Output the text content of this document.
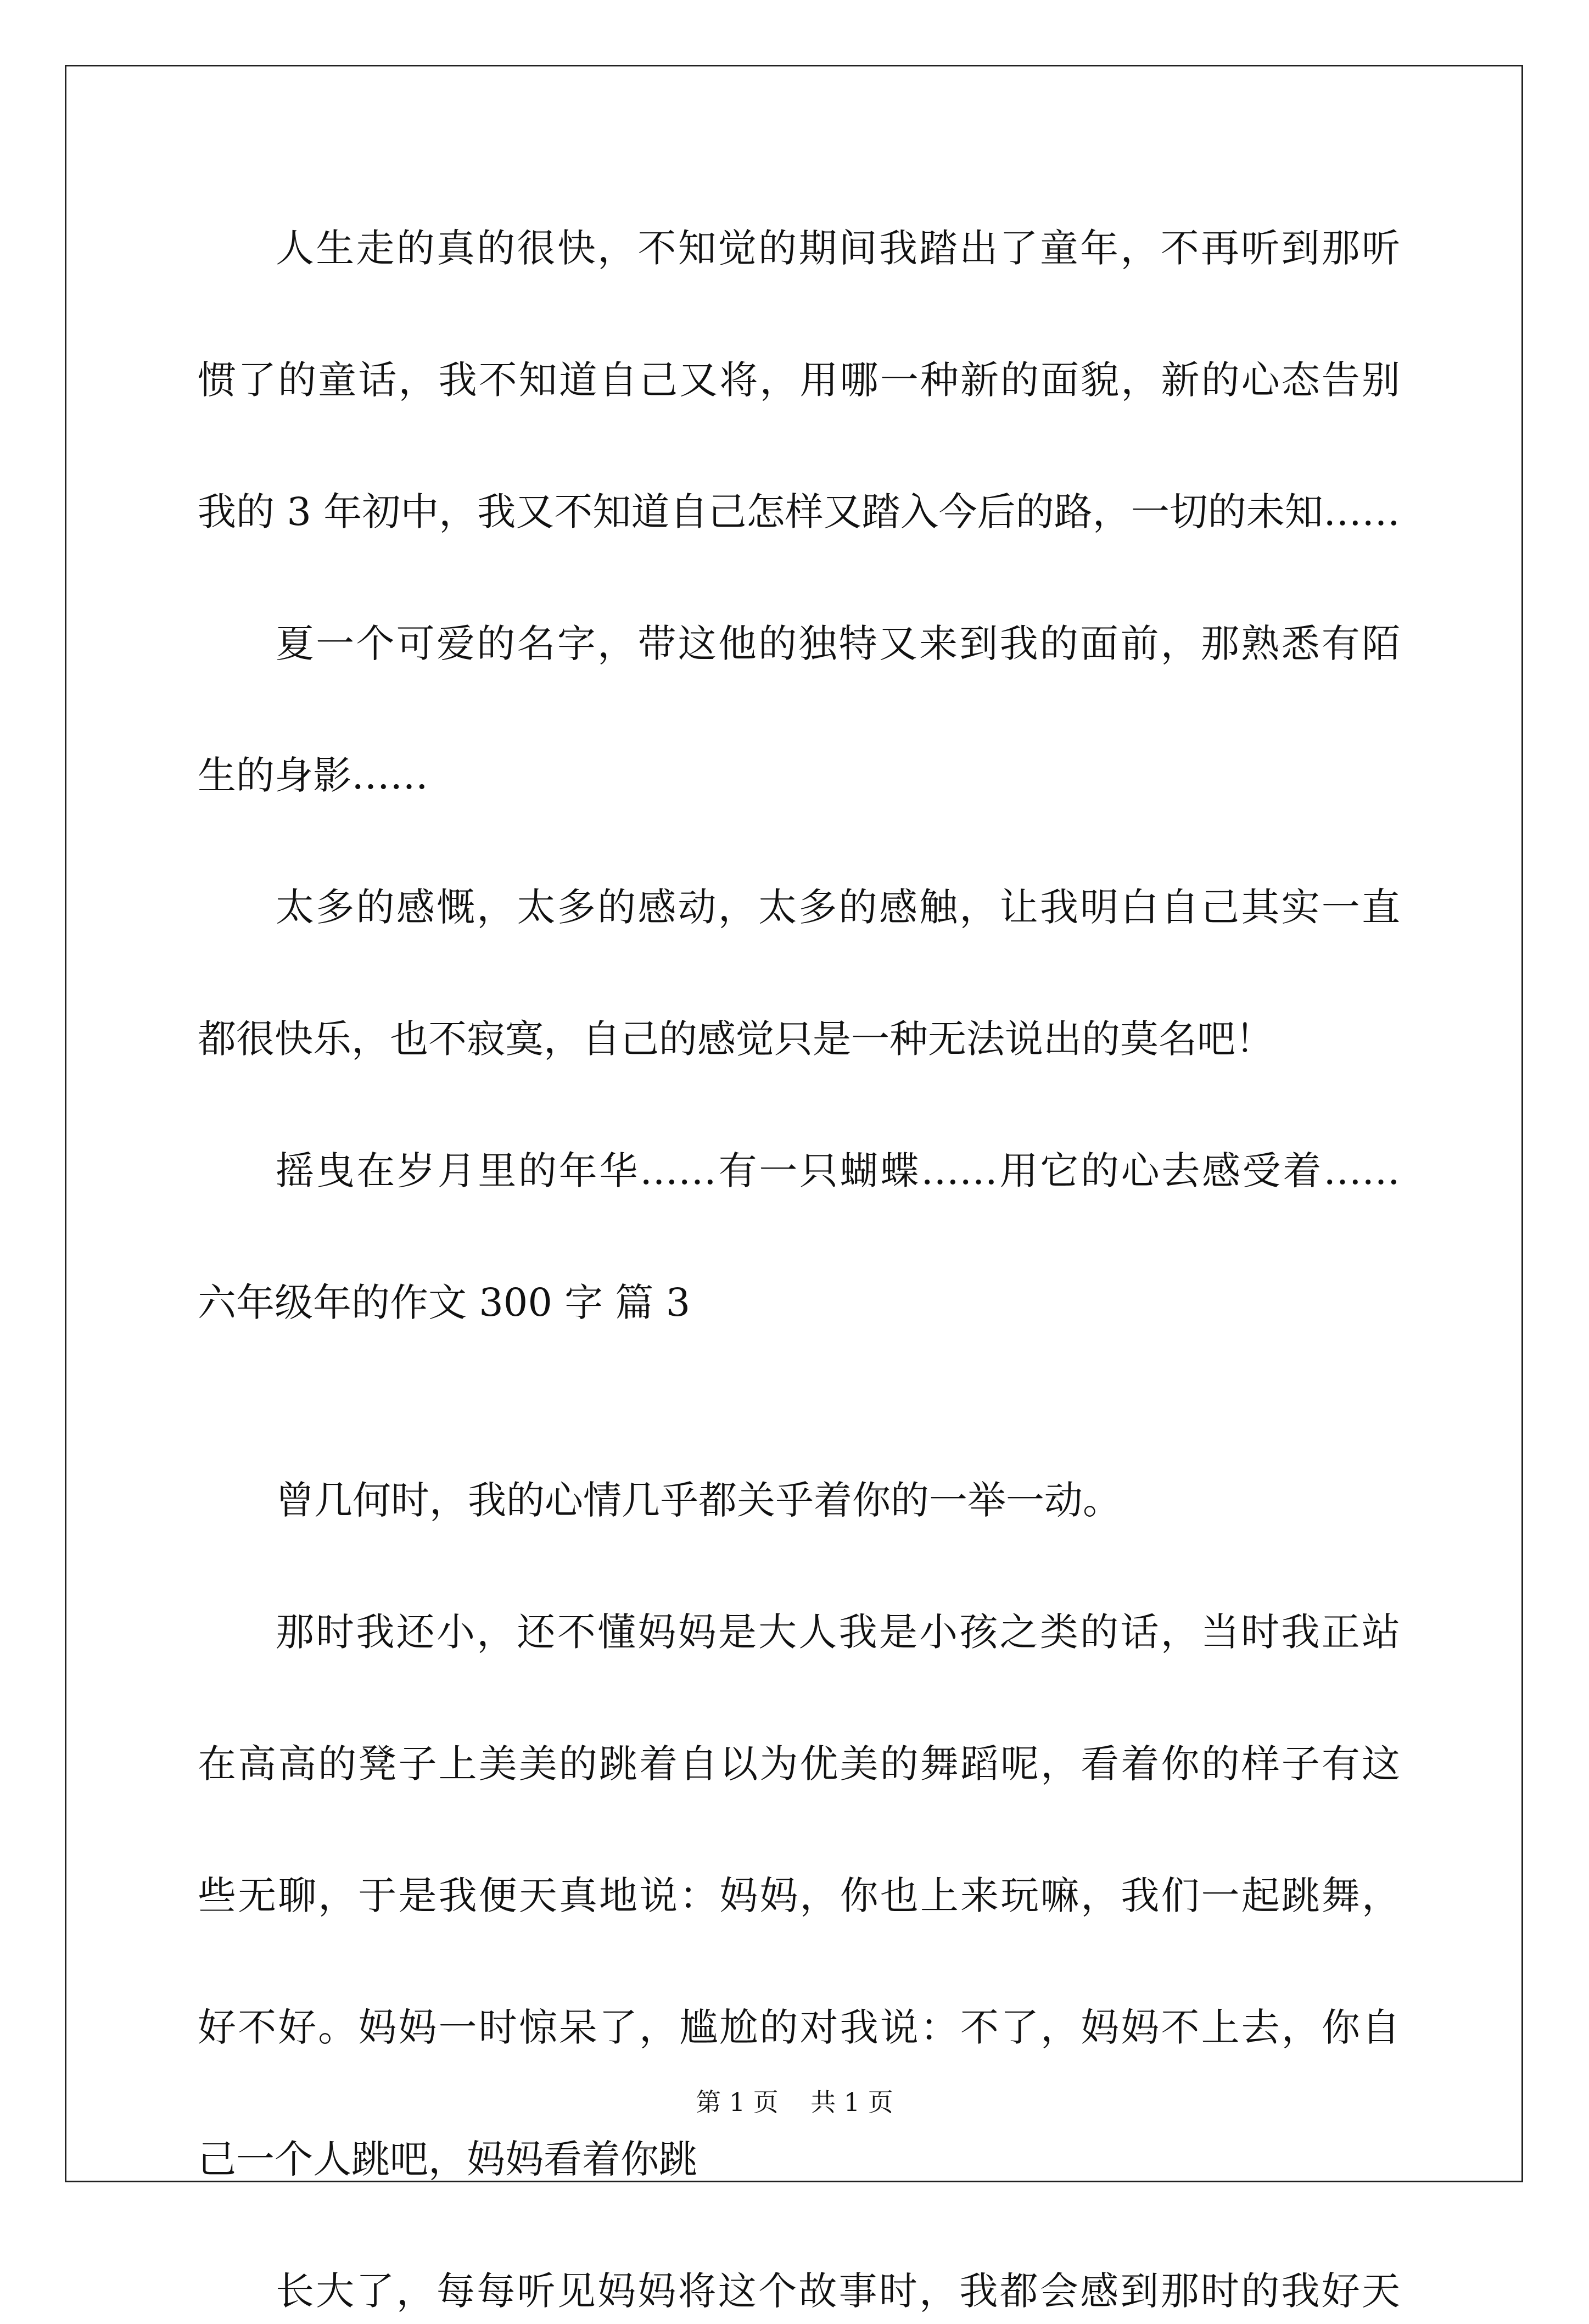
人生走的真的很快，不知觉的期间我踏出了童年，不再听到那听
惯了的童话，我不知道自己又将，用哪一种新的面貌，新的心态告别
我的 3 年初中，我又不知道自己怎样又踏入今后的路，一切的未知……
夏一个可爱的名字，带这他的独特又来到我的面前，那熟悉有陌
生的身影……
太多的感慨，太多的感动，太多的感触，让我明白自己其实一直
都很快乐，也不寂寞，自己的感觉只是一种无法说出的莫名吧！
摇曳在岁月里的年华……有一只蝴蝶……用它的心去感受着……
六年级年的作文 300 字 篇 3
曾几何时，我的心情几乎都关乎着你的一举一动。
那时我还小，还不懂妈妈是大人我是小孩之类的话，当时我正站
在高高的凳子上美美的跳着自以为优美的舞蹈呢，看着你的样子有这
些无聊，于是我便天真地说：妈妈，你也上来玩嘛，我们一起跳舞，
好不好。妈妈一时惊呆了，尴尬的对我说：不了，妈妈不上去，你自
己一个人跳吧，妈妈看着你跳
长大了，每每听见妈妈将这个故事时，我都会感到那时的我好天
第 1 页    共 1 页
